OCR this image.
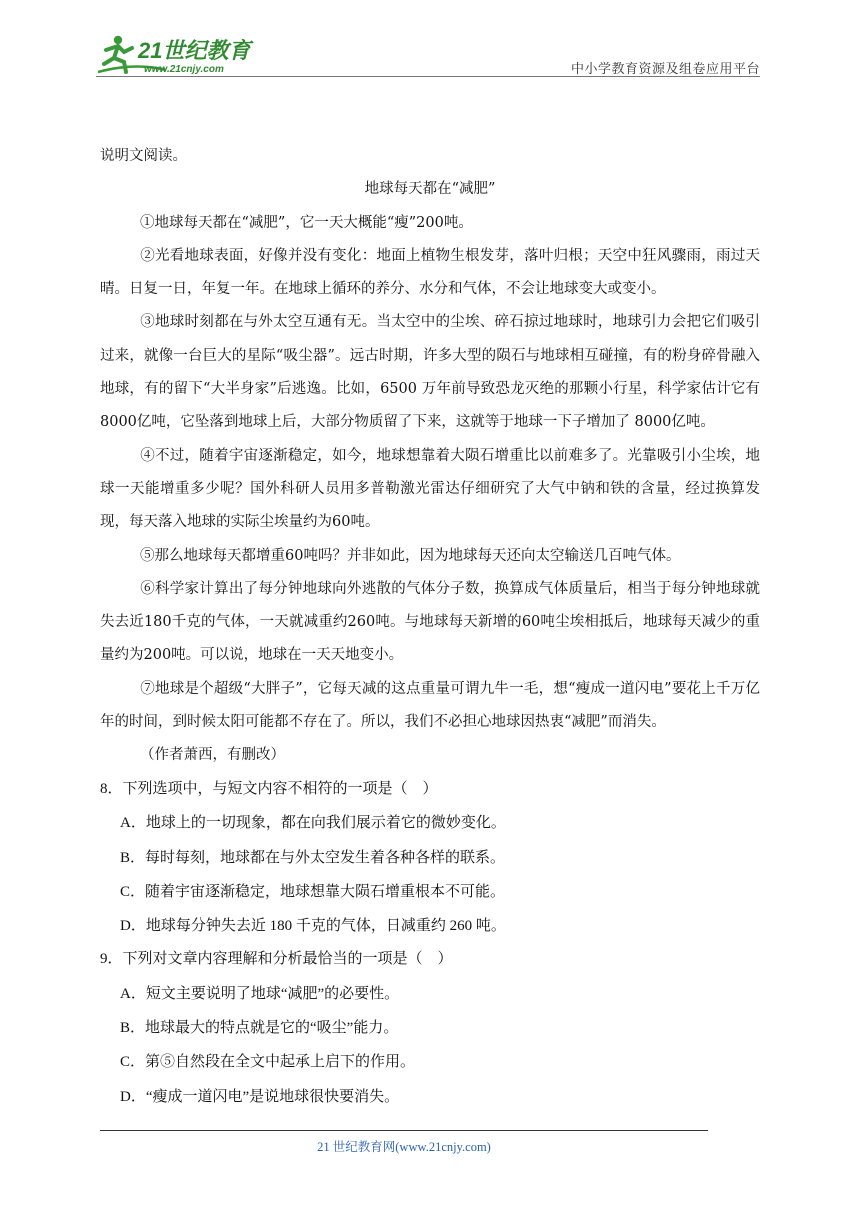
21世纪教育
www.21cnjy.com	中小学教育资源及组卷应用平台
说明文阅读。
地球每天都在“减肥”
①地球每天都在“减肥”，它一天大概能“瘦”200吨。
②光看地球表面，好像并没有变化：地面上植物生根发芽，落叶归根；天空中狂风骤雨，雨过天晴。日复一日，年复一年。在地球上循环的养分、水分和气体，不会让地球变大或变小。
③地球时刻都在与外太空互通有无。当太空中的尘埃、碎石掠过地球时，地球引力会把它们吸引过来，就像一台巨大的星际“吸尘器”。远古时期，许多大型的陨石与地球相互碰撞，有的粉身碎骨融入地球，有的留下“大半身家”后逃逸。比如，6500 万年前导致恐龙灭绝的那颗小行星，科学家估计它有8000亿吨，它坠落到地球上后，大部分物质留了下来，这就等于地球一下子增加了 8000亿吨。
④不过，随着宇宙逐渐稳定，如今，地球想靠着大陨石增重比以前难多了。光靠吸引小尘埃，地球一天能增重多少呢？国外科研人员用多普勒激光雷达仔细研究了大气中钠和铁的含量，经过换算发现，每天落入地球的实际尘埃量约为60吨。
⑤那么地球每天都增重60吨吗？并非如此，因为地球每天还向太空输送几百吨气体。
⑥科学家计算出了每分钟地球向外逃散的气体分子数，换算成气体质量后，相当于每分钟地球就失去近180千克的气体，一天就减重约260吨。与地球每天新增的60吨尘埃相抵后，地球每天减少的重量约为200吨。可以说，地球在一天天地变小。
⑦地球是个超级“大胖子”，它每天减的这点重量可谓九牛一毛，想“瘦成一道闪电”要花上千万亿年的时间，到时候太阳可能都不存在了。所以，我们不必担心地球因热衷“减肥”而消失。
（作者萧西，有删改）
8．下列选项中，与短文内容不相符的一项是（　）
A．地球上的一切现象，都在向我们展示着它的微妙变化。
B．每时每刻，地球都在与外太空发生着各种各样的联系。
C．随着宇宙逐渐稳定，地球想靠大陨石增重根本不可能。
D．地球每分钟失去近 180 千克的气体，日减重约 260 吨。
9．下列对文章内容理解和分析最恰当的一项是（　）
A．短文主要说明了地球“减肥”的必要性。
B．地球最大的特点就是它的“吸尘”能力。
C．第⑤自然段在全文中起承上启下的作用。
D．“瘦成一道闪电”是说地球很快要消失。
21 世纪教育网(www.21cnjy.com)
